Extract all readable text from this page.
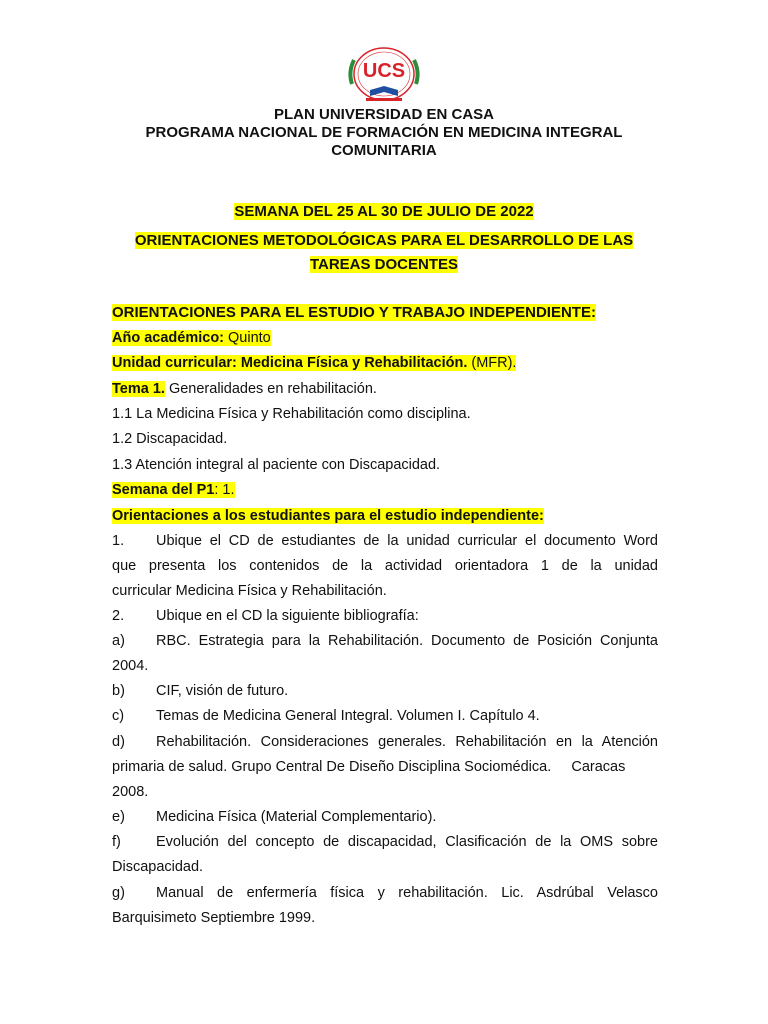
UCS
PLAN UNIVERSIDAD EN CASA
PROGRAMA NACIONAL DE FORMACIÓN EN MEDICINA INTEGRAL
COMUNITARIA
SEMANA DEL 25 AL 30 DE JULIO DE 2022
ORIENTACIONES METODOLÓGICAS PARA EL DESARROLLO DE LAS
TAREAS DOCENTES
ORIENTACIONES PARA EL ESTUDIO Y TRABAJO INDEPENDIENTE:
Año académico: Quinto
Unidad curricular: Medicina Física y Rehabilitación. (MFR).
Tema 1. Generalidades en rehabilitación.
1.1 La Medicina Física y Rehabilitación como disciplina.
1.2 Discapacidad.
1.3 Atención integral al paciente con Discapacidad.
Semana del P1: 1.
Orientaciones a los estudiantes para el estudio independiente:
1. Ubique el CD de estudiantes de la unidad curricular el documento Word
que presenta los contenidos de la actividad orientadora 1 de la unidad
curricular Medicina Física y Rehabilitación.
2. Ubique en el CD la siguiente bibliografía:
a) RBC. Estrategia para la Rehabilitación. Documento de Posición Conjunta
2004.
b) CIF, visión de futuro.
c) Temas de Medicina General Integral. Volumen I. Capítulo 4.
d) Rehabilitación. Consideraciones generales. Rehabilitación en la Atención
primaria de salud. Grupo Central De Diseño Disciplina Sociomédica.     Caracas
2008.
e) Medicina Física (Material Complementario).
f) Evolución del concepto de discapacidad, Clasificación de la OMS sobre
Discapacidad.
g) Manual de enfermería física y rehabilitación. Lic. Asdrúbal Velasco
Barquisimeto Septiembre 1999.
